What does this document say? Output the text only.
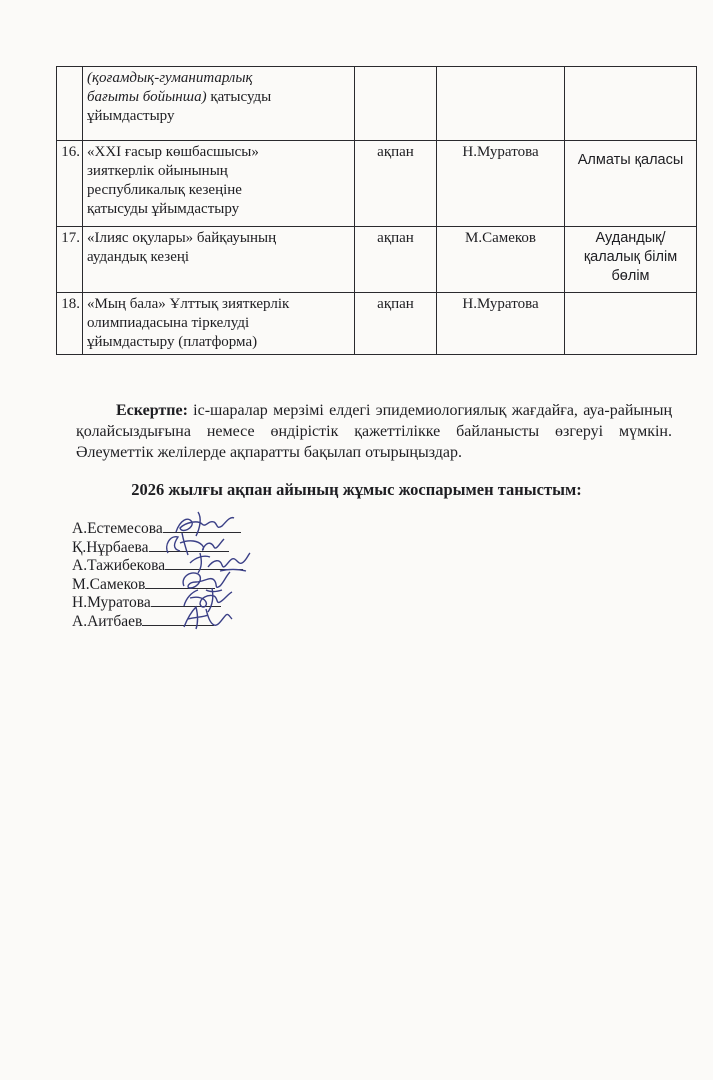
	(қоғамдық-гуманитарлық
бағыты бойынша) қатысуды
ұйымдастыру			

16.	«XXI ғасыр көшбасшысы»
зияткерлік ойынының
республикалық кезеңіне
қатысуды ұйымдастыру	ақпан	Н.Муратова	Алматы қаласы
17.	«Ілияс оқулары» байқауының
аудандық кезеңі	ақпан	М.Самеков	Аудандық/ қалалық білім бөлім
18.	«Мың бала» Ұлттық зияткерлік
олимпиадасына тіркелуді
ұйымдастыру (платформа)	ақпан	Н.Муратова	

Ескертпе: іс-шаралар мерзімі елдегі эпидемиологиялық жағдайға, ауа-райының қолайсыздығына немесе өндірістік қажеттілікке байланысты өзгеруі мүмкін. Әлеуметтік желілерде ақпаратты бақылап отырыңыздар.

2026 жылғы ақпан айының жұмыс жоспарымен таныстым:
А.Естемесова
Қ.Нұрбаева
А.Тажибекова
М.Самеков
Н.Муратова
А.Аитбаев
